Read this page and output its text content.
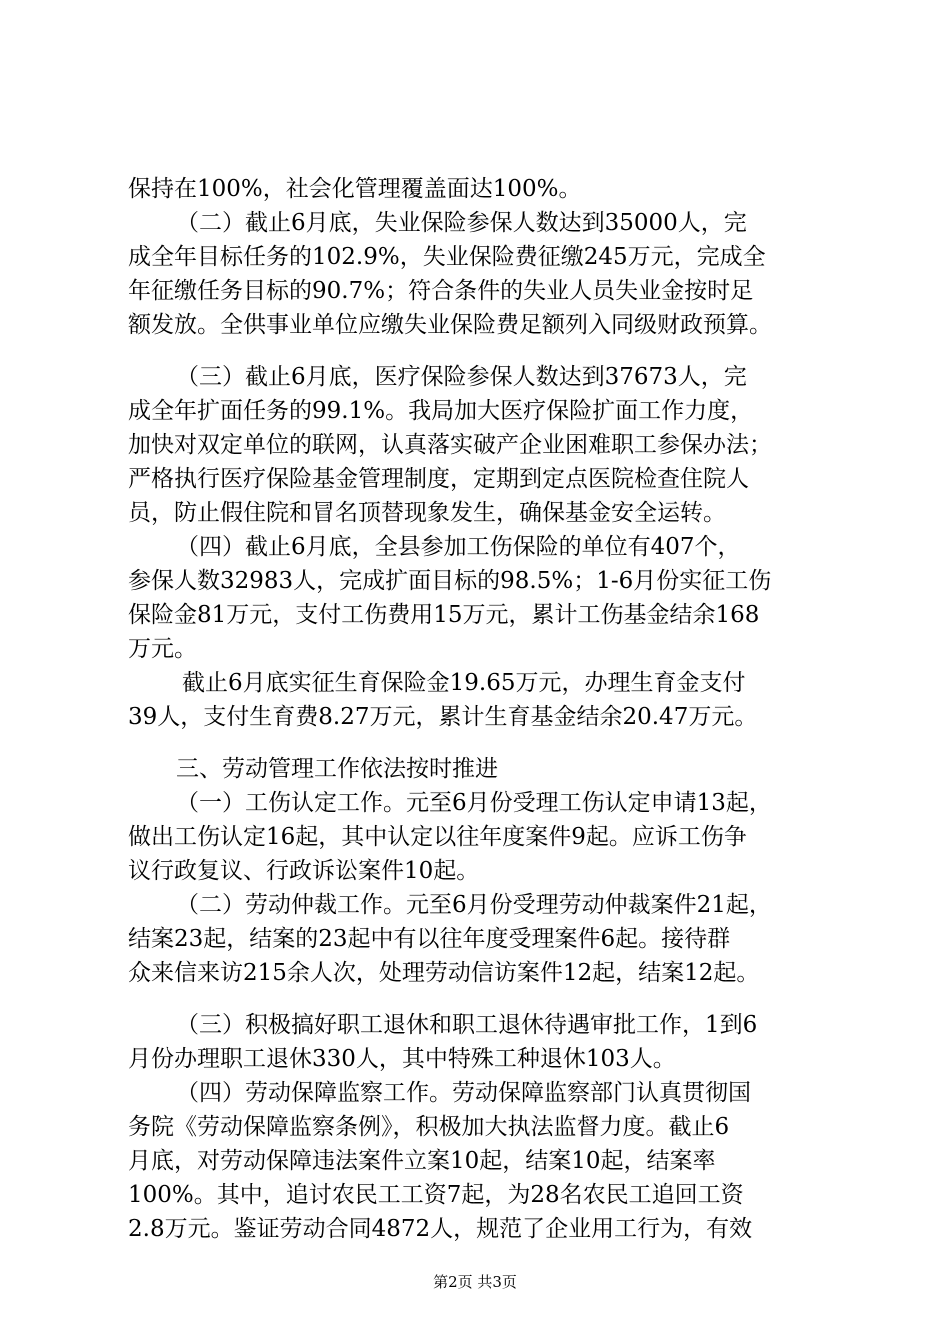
保持在100%，社会化管理覆盖面达100%。
（二）截止6月底，失业保险参保人数达到35000人，完
成全年目标任务的102.9%，失业保险费征缴245万元，完成全
年征缴任务目标的90.7%；符合条件的失业人员失业金按时足
额发放。全供事业单位应缴失业保险费足额列入同级财政预算。
（三）截止6月底，医疗保险参保人数达到37673人，完
成全年扩面任务的99.1%。我局加大医疗保险扩面工作力度，
加快对双定单位的联网，认真落实破产企业困难职工参保办法；
严格执行医疗保险基金管理制度，定期到定点医院检查住院人
员，防止假住院和冒名顶替现象发生，确保基金安全运转。
（四）截止6月底，全县参加工伤保险的单位有407个，
参保人数32983人，完成扩面目标的98.5%；1-6月份实征工伤
保险金81万元，支付工伤费用15万元，累计工伤基金结余168
万元。
截止6月底实征生育保险金19.65万元，办理生育金支付
39人，支付生育费8.27万元，累计生育基金结余20.47万元。
三、劳动管理工作依法按时推进
（一）工伤认定工作。元至6月份受理工伤认定申请13起，
做出工伤认定16起，其中认定以往年度案件9起。应诉工伤争
议行政复议、行政诉讼案件10起。
（二）劳动仲裁工作。元至6月份受理劳动仲裁案件21起，
结案23起，结案的23起中有以往年度受理案件6起。接待群
众来信来访215余人次，处理劳动信访案件12起，结案12起。
（三）积极搞好职工退休和职工退休待遇审批工作，1到6
月份办理职工退休330人，其中特殊工种退休103人。
（四）劳动保障监察工作。劳动保障监察部门认真贯彻国
务院《劳动保障监察条例》，积极加大执法监督力度。截止6
月底，对劳动保障违法案件立案10起，结案10起，结案率
100%。其中，追讨农民工工资7起，为28名农民工追回工资
2.8万元。鉴证劳动合同4872人，规范了企业用工行为，有效
第2页 共3页
